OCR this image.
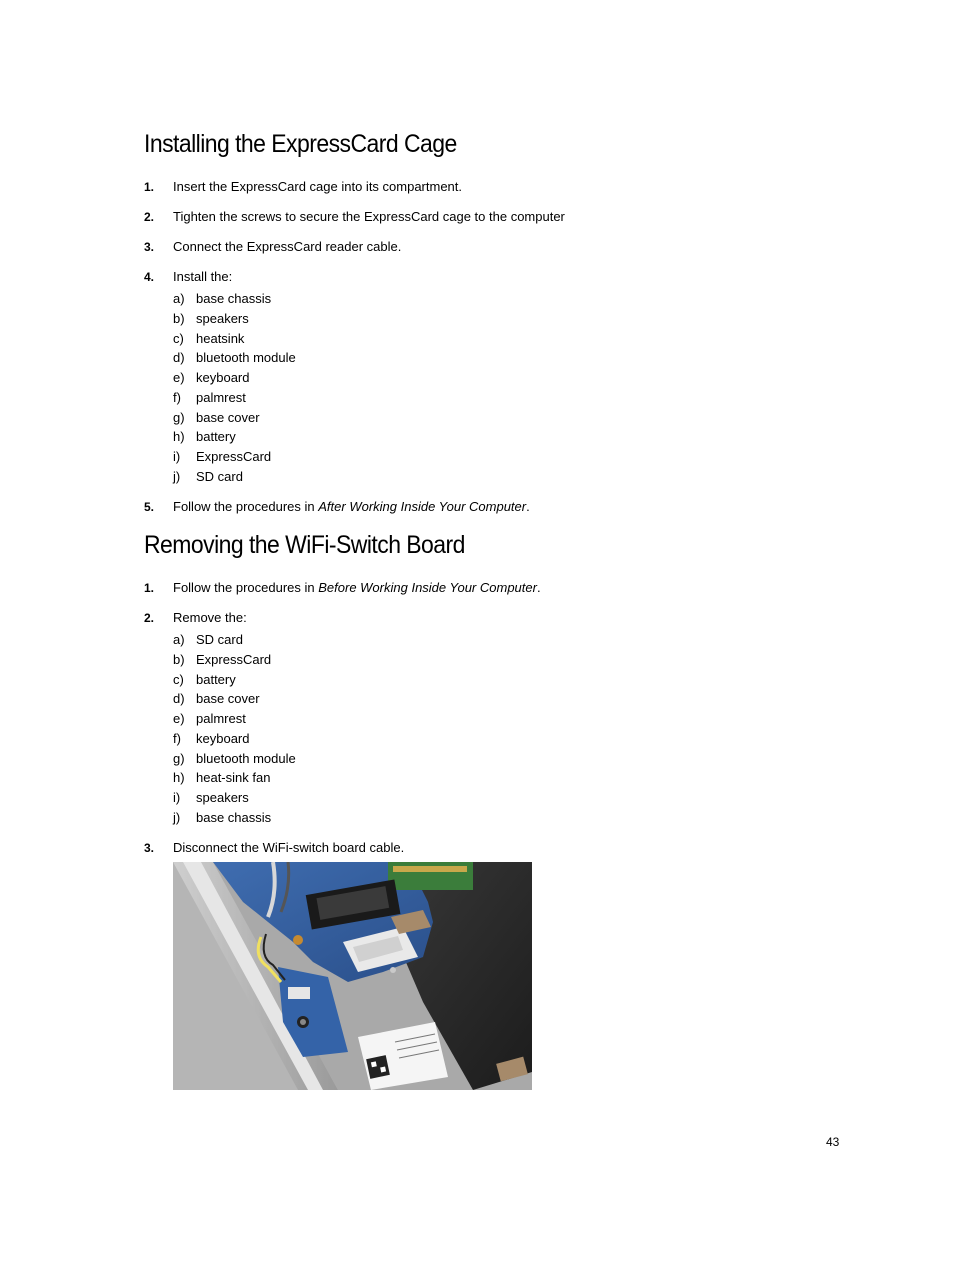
Installing the ExpressCard Cage
1. Insert the ExpressCard cage into its compartment.
2. Tighten the screws to secure the ExpressCard cage to the computer
3. Connect the ExpressCard reader cable.
4. Install the:
a) base chassis
b) speakers
c) heatsink
d) bluetooth module
e) keyboard
f) palmrest
g) base cover
h) battery
i) ExpressCard
j) SD card
5. Follow the procedures in After Working Inside Your Computer.
Removing the WiFi-Switch Board
1. Follow the procedures in Before Working Inside Your Computer.
2. Remove the:
a) SD card
b) ExpressCard
c) battery
d) base cover
e) palmrest
f) keyboard
g) bluetooth module
h) heat-sink fan
i) speakers
j) base chassis
3. Disconnect the WiFi-switch board cable.
43
